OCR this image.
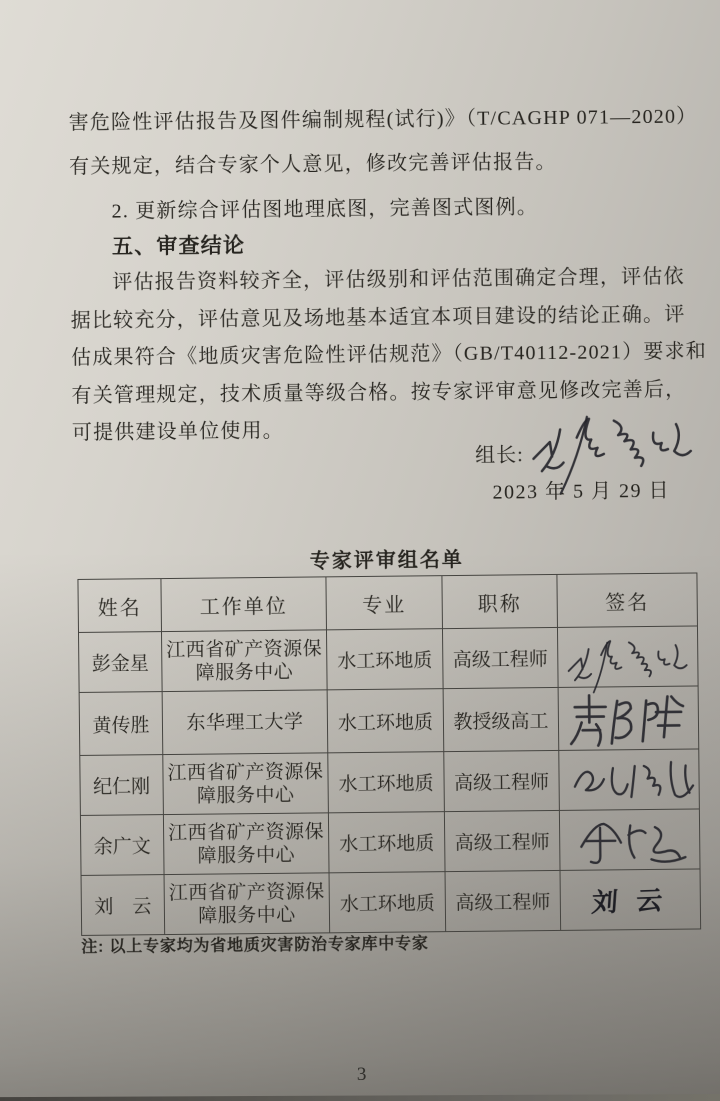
害危险性评估报告及图件编制规程(试行)》（T/CAGHP 071—2020）
有关规定，结合专家个人意见，修改完善评估报告。
2. 更新综合评估图地理底图，完善图式图例。
五、审查结论
评估报告资料较齐全，评估级别和评估范围确定合理，评估依
据比较充分，评估意见及场地基本适宜本项目建设的结论正确。评
估成果符合《地质灾害危险性评估规范》（GB/T40112-2021）要求和
有关管理规定，技术质量等级合格。按专家评审意见修改完善后，
可提供建设单位使用。
组长:
2023 年 5 月 29 日
专家评审组名单
姓名	工作单位	专业	职称	签名
彭金星	江西省矿产资源保障服务中心	水工环地质	高级工程师	

黄传胜	东华理工大学	水工环地质	教授级高工	

纪仁刚	江西省矿产资源保障服务中心	水工环地质	高级工程师	

余广文	江西省矿产资源保障服务中心	水工环地质	高级工程师	

刘　云	江西省矿产资源保障服务中心	水工环地质	高级工程师	刘 云
注: 以上专家均为省地质灾害防治专家库中专家
3
